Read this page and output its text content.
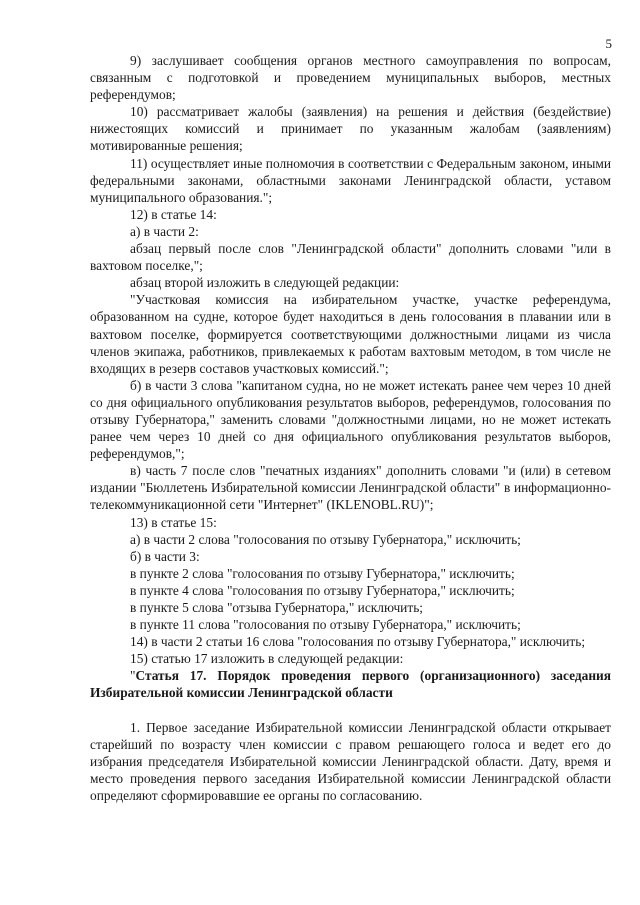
5

9) заслушивает сообщения органов местного самоуправления по вопросам, связанным с подготовкой и проведением муниципальных выборов, местных референдумов;

10) рассматривает жалобы (заявления) на решения и действия (бездействие) нижестоящих комиссий и принимает по указанным жалобам (заявлениям) мотивированные решения;

11) осуществляет иные полномочия в соответствии с Федеральным законом, иными федеральными законами, областными законами Ленинградской области, уставом муниципального образования.";

12) в статье 14:

а) в части 2:

абзац первый после слов "Ленинградской области" дополнить словами "или в вахтовом поселке,";

абзац второй изложить в следующей редакции:

"Участковая комиссия на избирательном участке, участке референдума, образованном на судне, которое будет находиться в день голосования в плавании или в вахтовом поселке, формируется соответствующими должностными лицами из числа членов экипажа, работников, привлекаемых к работам вахтовым методом, в том числе не входящих в резерв составов участковых комиссий.";

б) в части 3 слова "капитаном судна, но не может истекать ранее чем через 10 дней со дня официального опубликования результатов выборов, референдумов, голосования по отзыву Губернатора," заменить словами "должностными лицами, но не может истекать ранее чем через 10 дней со дня официального опубликования результатов выборов, референдумов,";

в) часть 7 после слов "печатных изданиях" дополнить словами "и (или) в сетевом издании "Бюллетень Избирательной комиссии Ленинградской области" в информационно-телекоммуникационной сети "Интернет" (IKLENOBL.RU)";

13) в статье 15:

а) в части 2 слова "голосования по отзыву Губернатора," исключить;

б) в части 3:

в пункте 2 слова "голосования по отзыву Губернатора," исключить;

в пункте 4 слова "голосования по отзыву Губернатора," исключить;

в пункте 5 слова "отзыва Губернатора," исключить;

в пункте 11 слова "голосования по отзыву Губернатора," исключить;

14) в части 2 статьи 16 слова "голосования по отзыву Губернатора," исключить;

15) статью 17 изложить в следующей редакции:

"Статья 17. Порядок проведения первого (организационного) заседания Избирательной комиссии Ленинградской области

1. Первое заседание Избирательной комиссии Ленинградской области открывает старейший по возрасту член комиссии с правом решающего голоса и ведет его до избрания председателя Избирательной комиссии Ленинградской области. Дату, время и место проведения первого заседания Избирательной комиссии Ленинградской области определяют сформировавшие ее органы по согласованию.
